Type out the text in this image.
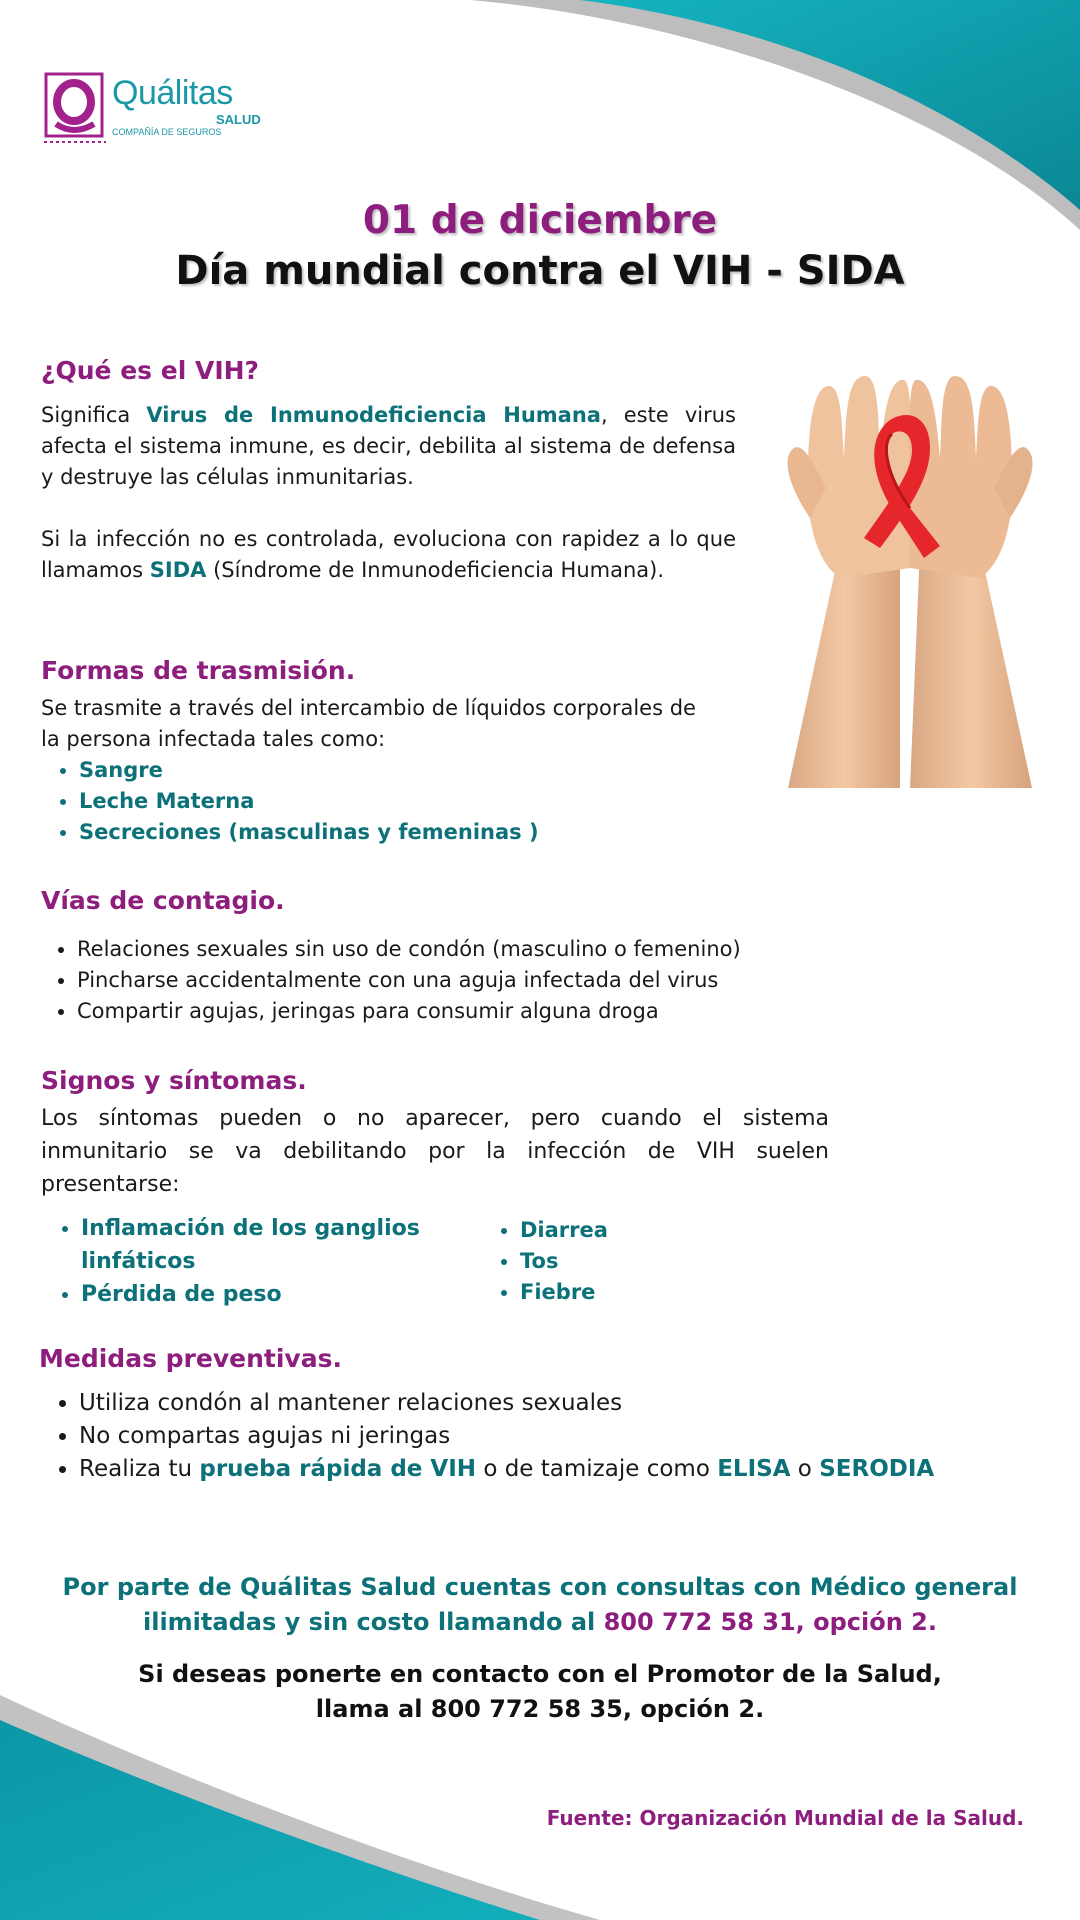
Quálitas
SALUD
COMPAÑÍA DE SEGUROS
01 de diciembre
Día mundial contra el VIH - SIDA
¿Qué es el VIH?

Significa Virus de Inmunodeficiencia Humana, este virus afecta el sistema inmune, es decir, debilita al sistema de defensa y destruye las células inmunitarias.

Si la infección no es controlada, evoluciona con rapidez a lo que llamamos SIDA (Síndrome de Inmunodeficiencia Humana).

Formas de trasmisión.

Se trasmite a través del intercambio de líquidos corporales de la persona infectada tales como:

• Sangre
• Leche Materna
• Secreciones (masculinas y femeninas )
Vías de contagio.
• Relaciones sexuales sin uso de condón (masculino o femenino)
• Pincharse accidentalmente con una aguja infectada del virus
• Compartir agujas, jeringas para consumir alguna droga
Signos y síntomas.

Los síntomas pueden o no aparecer, pero cuando el sistema inmunitario se va debilitando por la infección de VIH suelen presentarse:

• Inflamación de los ganglios linfáticos
• Pérdida de peso
• Diarrea
• Tos
• Fiebre
Medidas preventivas.
• Utiliza condón al mantener relaciones sexuales
• No compartas agujas ni jeringas
• Realiza tu prueba rápida de VIH o de tamizaje como ELISA o SERODIA
Por parte de Quálitas Salud cuentas con consultas con Médico general
ilimitadas y sin costo llamando al 800 772 58 31, opción 2.
Si deseas ponerte en contacto con el Promotor de la Salud,
llama al 800 772 58 35, opción 2.
Fuente: Organización Mundial de la Salud.
